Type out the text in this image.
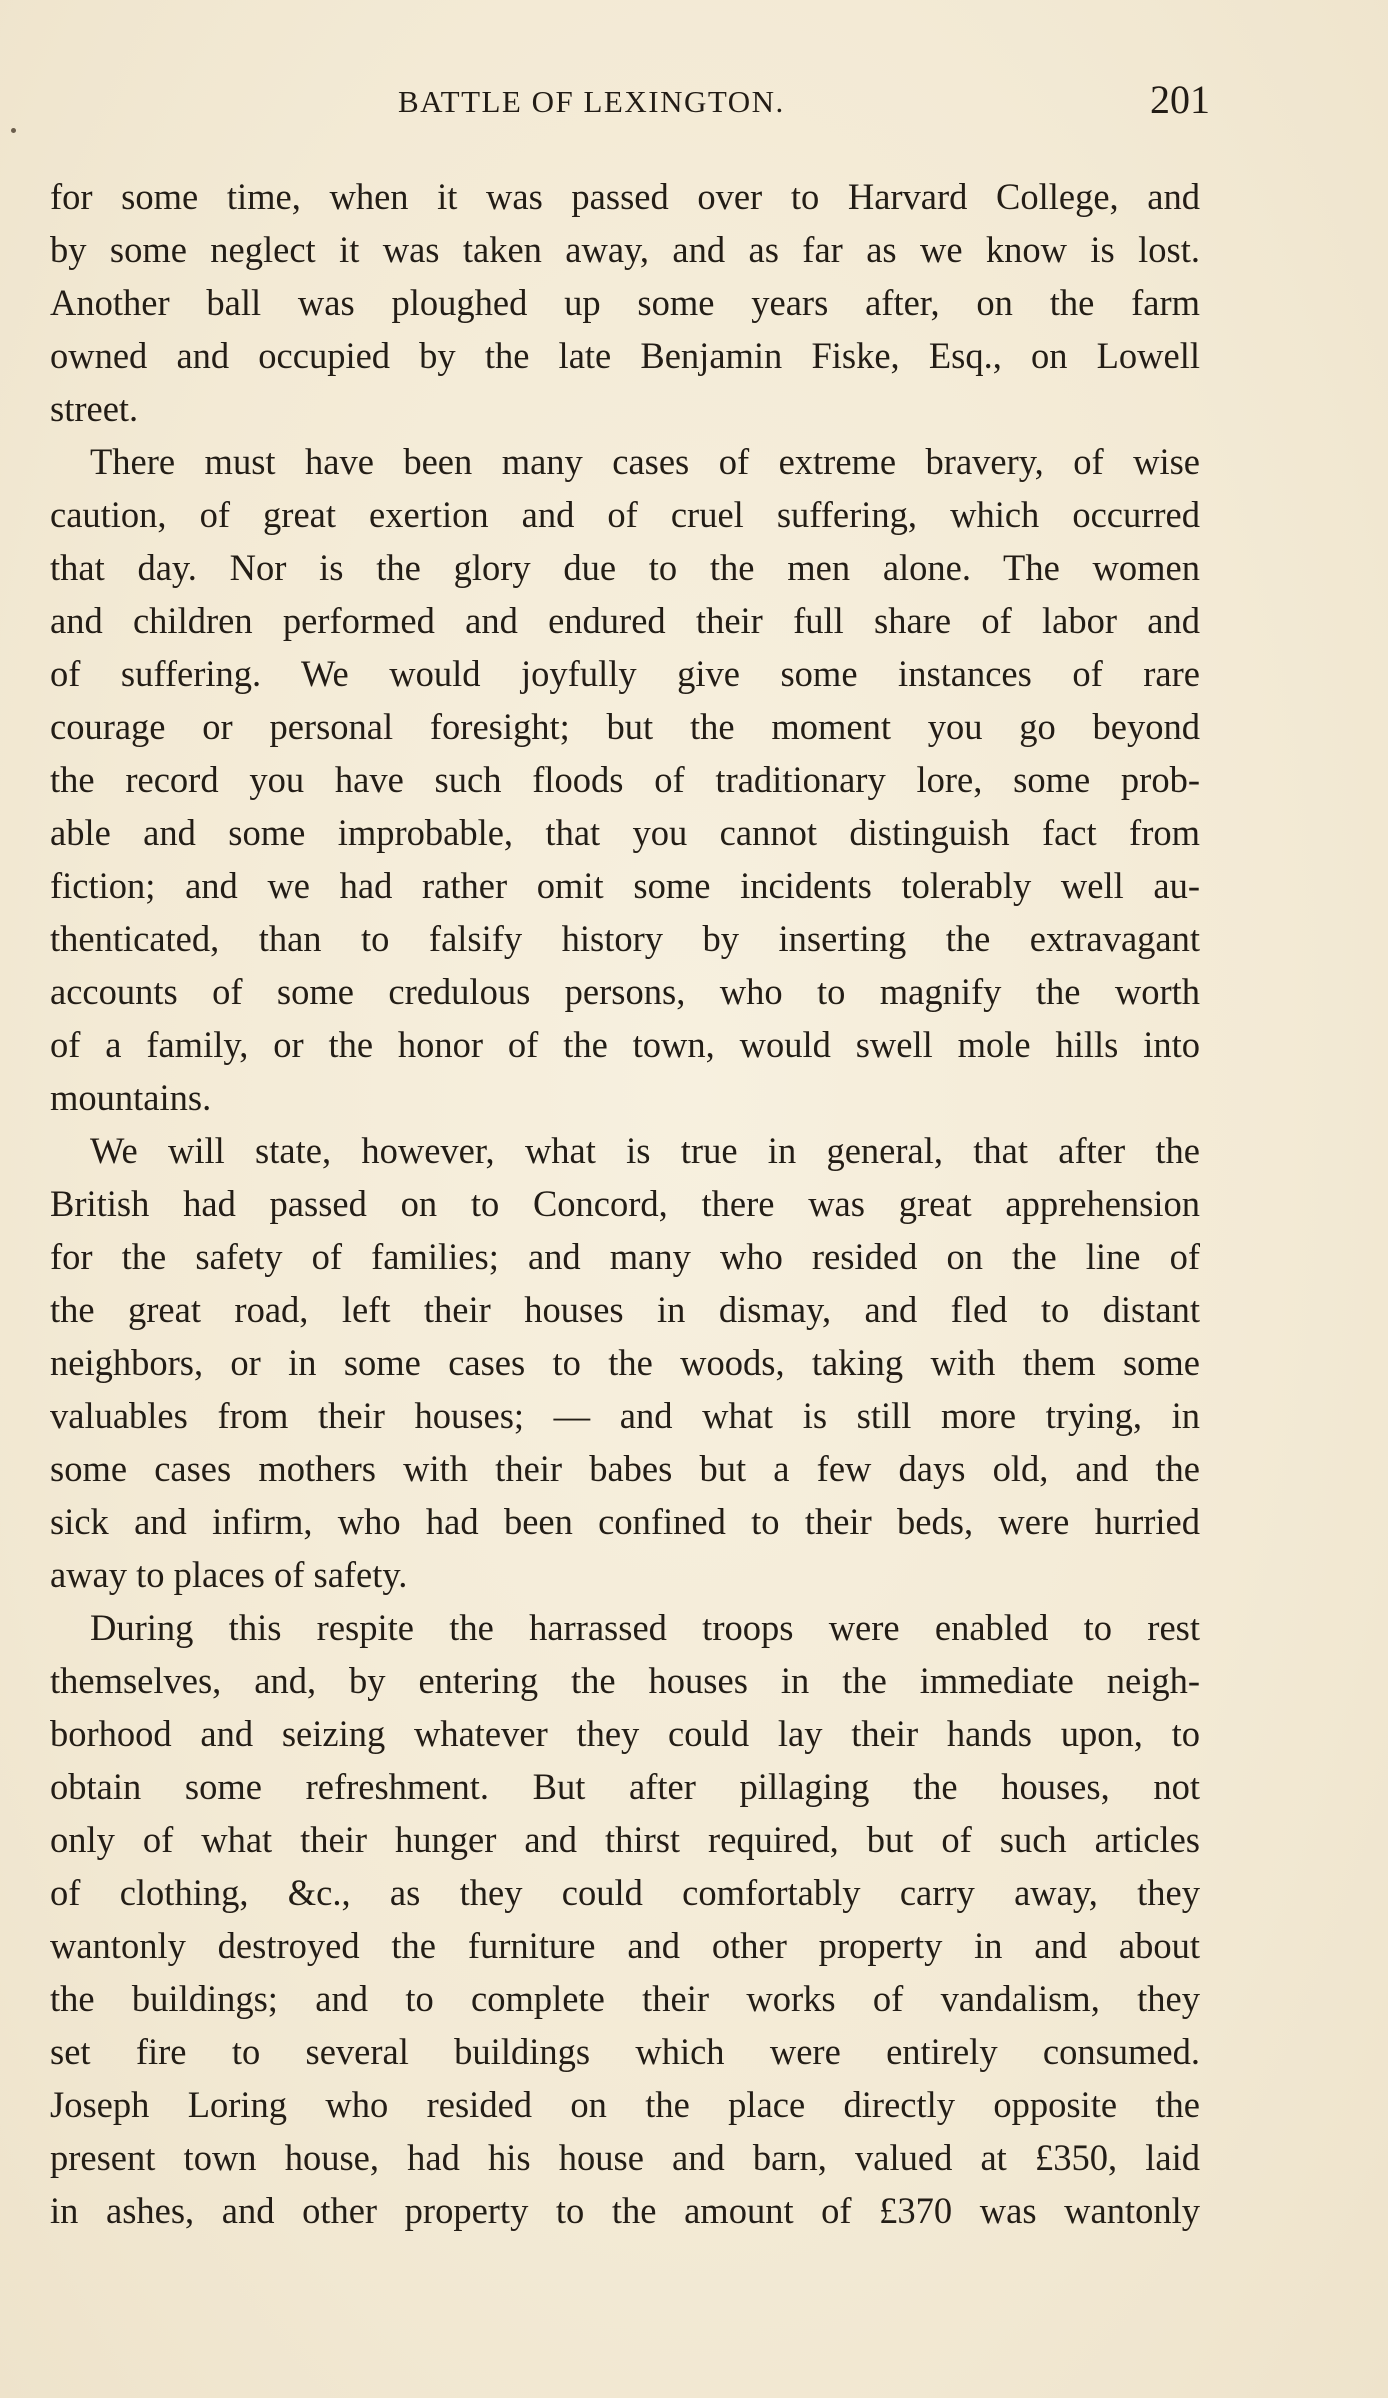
BATTLE OF LEXINGTON.	201
for some time, when it was passed over to Harvard College, and
by some neglect it was taken away, and as far as we know is lost.
Another ball was ploughed up some years after, on the farm
owned and occupied by the late Benjamin Fiske, Esq., on Lowell
street.
There must have been many cases of extreme bravery, of wise
caution, of great exertion and of cruel suffering, which occurred
that day. Nor is the glory due to the men alone. The women
and children performed and endured their full share of labor and
of suffering. We would joyfully give some instances of rare
courage or personal foresight; but the moment you go beyond
the record you have such floods of traditionary lore, some prob-
able and some improbable, that you cannot distinguish fact from
fiction; and we had rather omit some incidents tolerably well au-
thenticated, than to falsify history by inserting the extravagant
accounts of some credulous persons, who to magnify the worth
of a family, or the honor of the town, would swell mole hills into
mountains.
We will state, however, what is true in general, that after the
British had passed on to Concord, there was great apprehension
for the safety of families; and many who resided on the line of
the great road, left their houses in dismay, and fled to distant
neighbors, or in some cases to the woods, taking with them some
valuables from their houses; — and what is still more trying, in
some cases mothers with their babes but a few days old, and the
sick and infirm, who had been confined to their beds, were hurried
away to places of safety.
During this respite the harrassed troops were enabled to rest
themselves, and, by entering the houses in the immediate neigh-
borhood and seizing whatever they could lay their hands upon, to
obtain some refreshment. But after pillaging the houses, not
only of what their hunger and thirst required, but of such articles
of clothing, &c., as they could comfortably carry away, they
wantonly destroyed the furniture and other property in and about
the buildings; and to complete their works of vandalism, they
set fire to several buildings which were entirely consumed.
Joseph Loring who resided on the place directly opposite the
present town house, had his house and barn, valued at £350, laid
in ashes, and other property to the amount of £370 was wantonly
